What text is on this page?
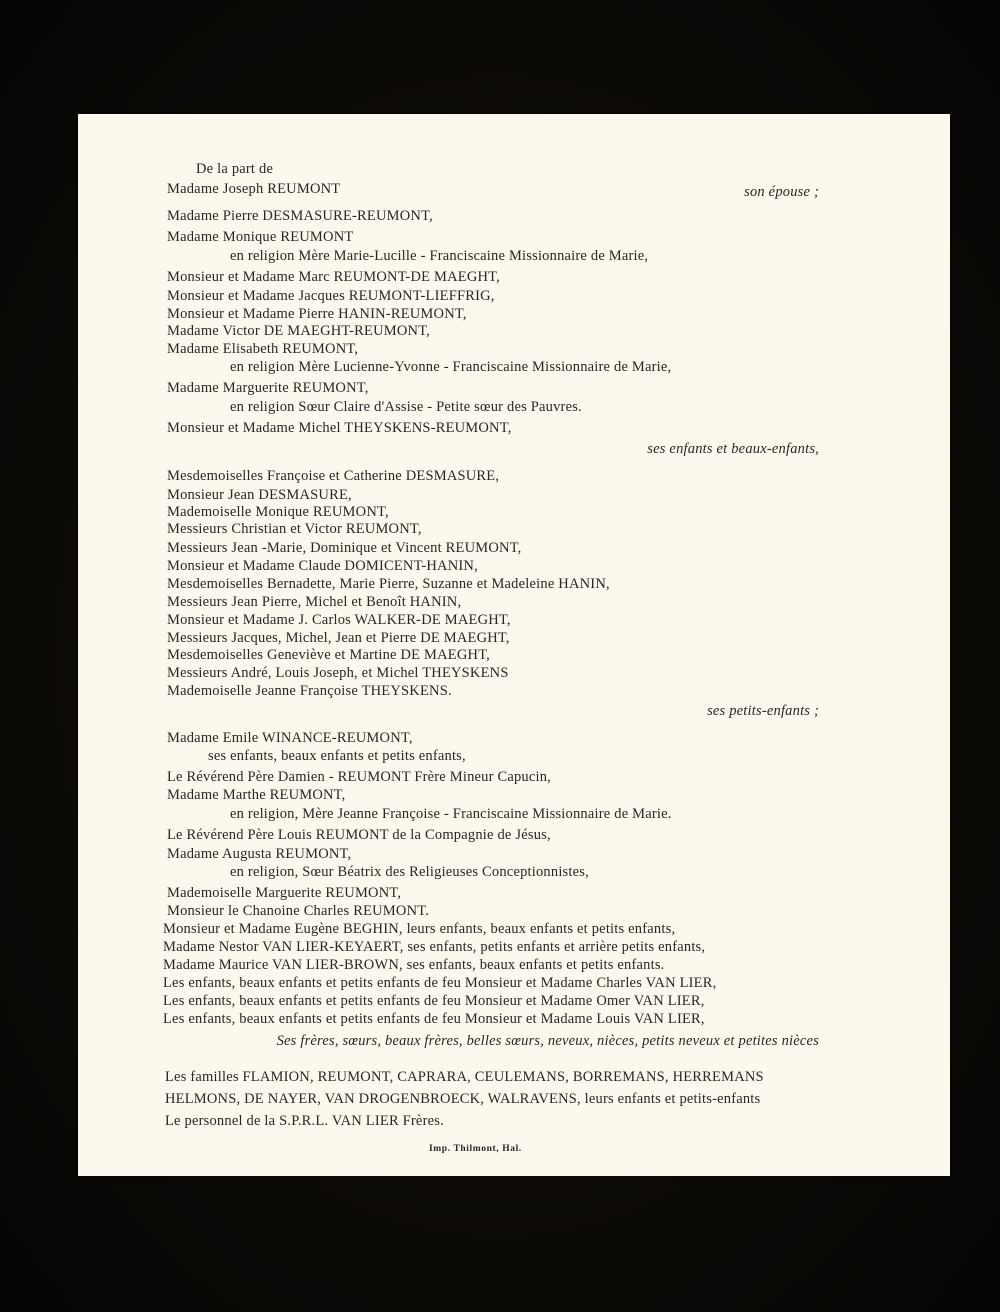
De la part de
Madame Joseph REUMONT	son épouse ;
Madame Pierre DESMASURE-REUMONT,
Madame Monique REUMONT
en religion Mère Marie-Lucille - Franciscaine Missionnaire de Marie,
Monsieur et Madame Marc REUMONT-DE MAEGHT,
Monsieur et Madame Jacques REUMONT-LIEFFRIG,
Monsieur et Madame Pierre HANIN-REUMONT,
Madame Victor DE MAEGHT-REUMONT,
Madame Elisabeth REUMONT,
en religion Mère Lucienne-Yvonne - Franciscaine Missionnaire de Marie,
Madame Marguerite REUMONT,
en religion Sœur Claire d'Assise - Petite sœur des Pauvres.
Monsieur et Madame Michel THEYSKENS-REUMONT,
ses enfants et beaux-enfants,
Mesdemoiselles Françoise et Catherine DESMASURE,
Monsieur Jean DESMASURE,
Mademoiselle Monique REUMONT,
Messieurs Christian et Victor REUMONT,
Messieurs Jean -Marie, Dominique et Vincent REUMONT,
Monsieur et Madame Claude DOMICENT-HANIN,
Mesdemoiselles Bernadette, Marie Pierre, Suzanne et Madeleine HANIN,
Messieurs Jean Pierre, Michel et Benoît HANIN,
Monsieur et Madame J. Carlos WALKER-DE MAEGHT,
Messieurs Jacques, Michel, Jean et Pierre DE MAEGHT,
Mesdemoiselles Geneviève et Martine DE MAEGHT,
Messieurs André, Louis Joseph, et Michel THEYSKENS
Mademoiselle Jeanne Françoise THEYSKENS.
ses petits-enfants ;
Madame Emile WINANCE-REUMONT,
ses enfants, beaux enfants et petits enfants,
Le Révérend Père Damien - REUMONT Frère Mineur Capucin,
Madame Marthe REUMONT,
en religion, Mère Jeanne Françoise - Franciscaine Missionnaire de Marie.
Le Révérend Père Louis REUMONT de la Compagnie de Jésus,
Madame Augusta REUMONT,
en religion, Sœur Béatrix des Religieuses Conceptionnistes,
Mademoiselle Marguerite REUMONT,
Monsieur le Chanoine Charles REUMONT.
Monsieur et Madame Eugène BEGHIN, leurs enfants, beaux enfants et petits enfants,
Madame Nestor VAN LIER-KEYAERT, ses enfants, petits enfants et arrière petits enfants,
Madame Maurice VAN LIER-BROWN, ses enfants, beaux enfants et petits enfants.
Les enfants, beaux enfants et petits enfants de feu Monsieur et Madame Charles VAN LIER,
Les enfants, beaux enfants et petits enfants de feu Monsieur et Madame Omer VAN LIER,
Les enfants, beaux enfants et petits enfants de feu Monsieur et Madame Louis VAN LIER,
Ses frères, sœurs, beaux frères, belles sœurs, neveux, nièces, petits neveux et petites nièces
Les familles FLAMION, REUMONT, CAPRARA, CEULEMANS, BORREMANS, HERREMANS
HELMONS, DE NAYER, VAN DROGENBROECK, WALRAVENS, leurs enfants et petits-enfants
Le personnel de la S.P.R.L. VAN LIER Frères.
Imp. Thilmont, Hal.
